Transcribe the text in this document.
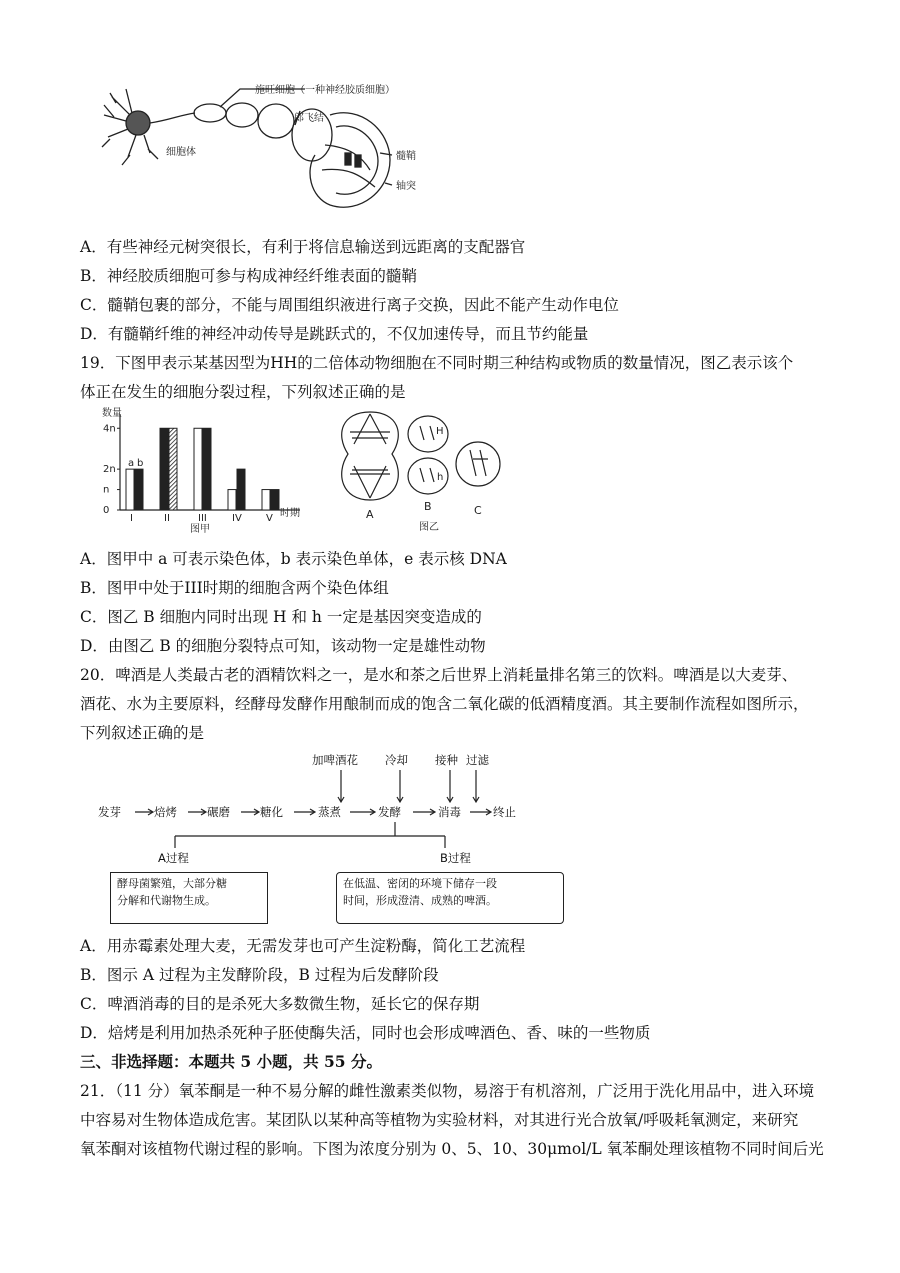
施旺细胞（一种神经胶质细胞）
郎飞结
细胞体	髓鞘
轴突
A．有些神经元树突很长，有利于将信息输送到远距离的支配器官
B．神经胶质细胞可参与构成神经纤维表面的髓鞘
C．髓鞘包裹的部分，不能与周围组织液进行离子交换，因此不能产生动作电位
D．有髓鞘纤维的神经冲动传导是跳跃式的，不仅加速传导，而且节约能量
19．下图甲表示某基因型为HH的二倍体动物细胞在不同时期三种结构或物质的数量情况，图乙表示该个
体正在发生的细胞分裂过程，下列叙述正确的是
数量
时期
图甲
0
n
2n
4n
a b
I	II	III	IV V
H
h
A
B	C
图乙
A．图甲中 a 可表示染色体，b 表示染色单体，e 表示核 DNA
B．图甲中处于III时期的细胞含两个染色体组
C．图乙 B 细胞内同时出现 H 和 h 一定是基因突变造成的
D．由图乙 B 的细胞分裂特点可知，该动物一定是雄性动物
20．啤酒是人类最古老的酒精饮料之一，是水和茶之后世界上消耗量排名第三的饮料。啤酒是以大麦芽、
酒花、水为主要原料，经酵母发酵作用酿制而成的饱含二氧化碳的低酒精度酒。其主要制作流程如图所示，
下列叙述正确的是
发芽	焙烤	碾磨	糖化	蒸煮	发酵	消毒	终止
加啤酒花 冷却 接种 过滤
A过程	B过程
酵母菌繁殖，大部分糖
分解和代谢物生成。
在低温、密闭的环境下储存一段
时间，形成澄清、成熟的啤酒。
A．用赤霉素处理大麦，无需发芽也可产生淀粉酶，简化工艺流程
B．图示 A 过程为主发酵阶段，B 过程为后发酵阶段
C．啤酒消毒的目的是杀死大多数微生物，延长它的保存期
D．焙烤是利用加热杀死种子胚使酶失活，同时也会形成啤酒色、香、味的一些物质
三、非选择题：本题共 5 小题，共 55 分。
21．（11 分）氧苯酮是一种不易分解的雌性激素类似物，易溶于有机溶剂，广泛用于洗化用品中，进入环境
中容易对生物体造成危害。某团队以某种高等植物为实验材料，对其进行光合放氧/呼吸耗氧测定，来研究
氧苯酮对该植物代谢过程的影响。下图为浓度分别为 0、5、10、30μmol/L 氧苯酮处理该植物不同时间后光
